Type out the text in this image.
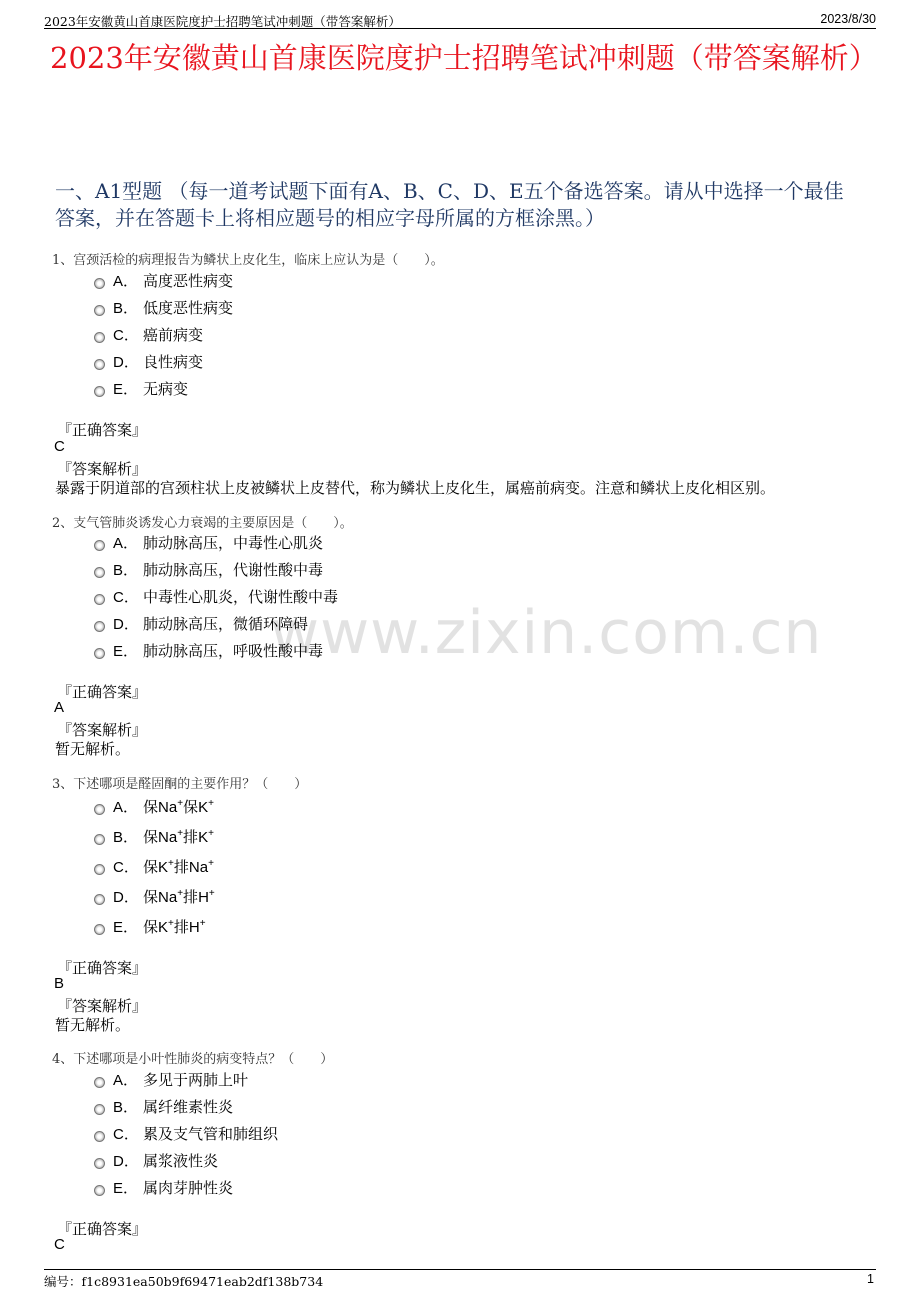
2023年安徽黄山首康医院度护士招聘笔试冲刺题（带答案解析）	2023/8/30
2023年安徽黄山首康医院度护士招聘笔试冲刺题（带答案解析）
一、A1型题 （每一道考试题下面有A、B、C、D、E五个备选答案。请从中选择一个最佳答案，并在答题卡上将相应题号的相应字母所属的方框涂黑。）
www.zixin.com.cn
1、宫颈活检的病理报告为鳞状上皮化生，临床上应认为是（　　）。
A． 高度恶性病变
B． 低度恶性病变
C． 癌前病变
D． 良性病变
E． 无病变
『正确答案』
C
『答案解析』
暴露于阴道部的宫颈柱状上皮被鳞状上皮替代，称为鳞状上皮化生，属癌前病变。注意和鳞状上皮化相区别。
2、支气管肺炎诱发心力衰竭的主要原因是（　　）。
A． 肺动脉高压，中毒性心肌炎
B． 肺动脉高压，代谢性酸中毒
C． 中毒性心肌炎，代谢性酸中毒
D． 肺动脉高压，微循环障碍
E． 肺动脉高压，呼吸性酸中毒
『正确答案』
A
『答案解析』
暂无解析。
3、下述哪项是醛固酮的主要作用？（　　）
A． 保Na+保K+
B． 保Na+排K+
C． 保K+排Na+
D． 保Na+排H+
E． 保K+排H+
『正确答案』
B
『答案解析』
暂无解析。
4、下述哪项是小叶性肺炎的病变特点？（　　）
A． 多见于两肺上叶
B． 属纤维素性炎
C． 累及支气管和肺组织
D． 属浆液性炎
E． 属肉芽肿性炎
『正确答案』
C
编号：f1c8931ea50b9f69471eab2df138b734	1
